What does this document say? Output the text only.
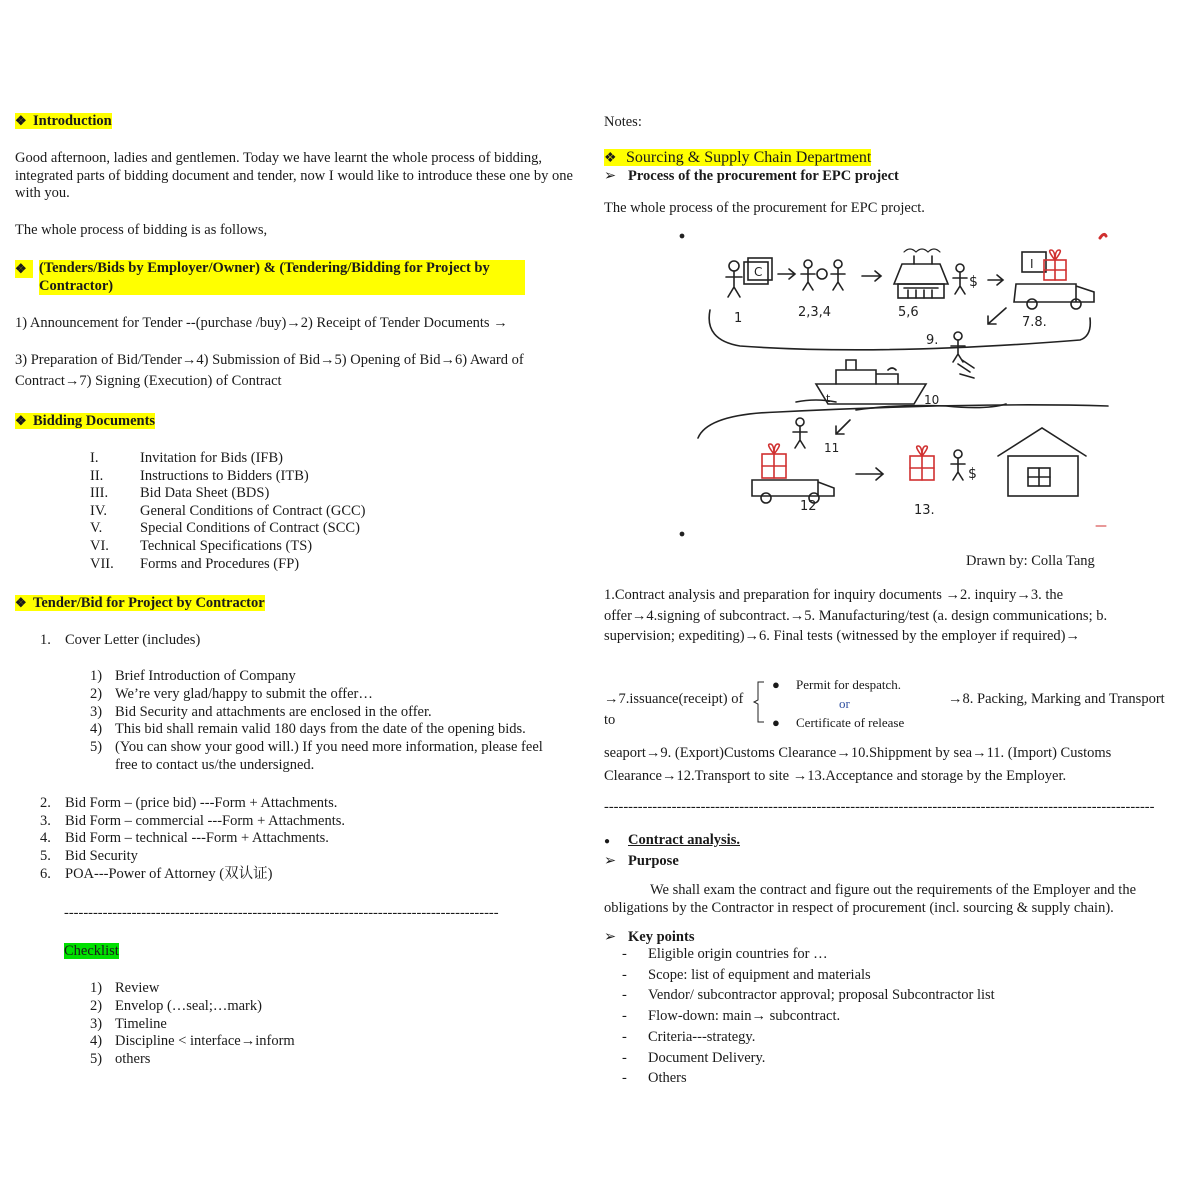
❖ Introduction
Good afternoon, ladies and gentlemen. Today we have learnt the whole process of bidding, integrated parts of bidding document and tender, now I would like to introduce these one by one with you.
The whole process of bidding is as follows,
❖ (Tenders/Bids by Employer/Owner) & (Tendering/Bidding for Project by Contractor)
1) Announcement for Tender --(purchase /buy)→2) Receipt of Tender Documents →
3) Preparation of Bid/Tender→4) Submission of Bid→5) Opening of Bid→6) Award of
Contract→7) Signing (Execution) of Contract
❖ Bidding Documents
I.	Invitation for Bids (IFB)
II.	Instructions to Bidders (ITB)
III. Bid Data Sheet (BDS)
IV. General Conditions of Contract (GCC)
V.	Special Conditions of Contract (SCC)
VI. Technical Specifications (TS)
VII. Forms and Procedures (FP)
❖ Tender/Bid for Project by Contractor
1. Cover Letter (includes)
1) Brief Introduction of Company
2) We’re very glad/happy to submit the offer…
3) Bid Security and attachments are enclosed in the offer.
4) This bid shall remain valid 180 days from the date of the opening bids.
5) (You can show your good will.) If you need more information, please feel
free to contact us/the undersigned.
2. Bid Form – (price bid) ---Form + Attachments.
3. Bid Form – commercial ---Form + Attachments.
4. Bid Form – technical ---Form + Attachments.
5. Bid Security
6. POA---Power of Attorney (双认证)
------------------------------------------------------------------------------------------
Checklist
1) Review
2) Envelop (…seal;…mark)
3) Timeline
4) Discipline < interface→inform
5) others
Notes:
❖ Sourcing & Supply Chain Department
➢ Process of the procurement for EPC project
The whole process of the procurement for EPC project.
C
$
I
1	2,3,4	5,6
7.8.
9.
t	10
11
12
$
13.
Drawn by: Colla Tang
1.Contract analysis and preparation for inquiry documents →2. inquiry→3. the
offer→4.signing of subcontract.→5. Manufacturing/test (a. design communications; b.
supervision; expediting)→6. Final tests (witnessed by the employer if required)→
→7.issuance(receipt) of
to
● Permit for despatch.
or
● Certificate of release
→8. Packing, Marking and Transport
seaport→9. (Export)Customs Clearance→10.Shippment by sea→11. (Import) Customs
Clearance→12.Transport to site →13.Acceptance and storage by the Employer.
------------------------------------------------------------------------------------------------------------------
● Contract analysis.
➢ Purpose
We shall exam the contract and figure out the requirements of the Employer and the
obligations by the Contractor in respect of procurement (incl. sourcing & supply chain).
➢ Key points
- Eligible origin countries for …
- Scope: list of equipment and materials
- Vendor/ subcontractor approval; proposal Subcontractor list
- Flow-down: main→ subcontract.
- Criteria---strategy.
- Document Delivery.
- Others
